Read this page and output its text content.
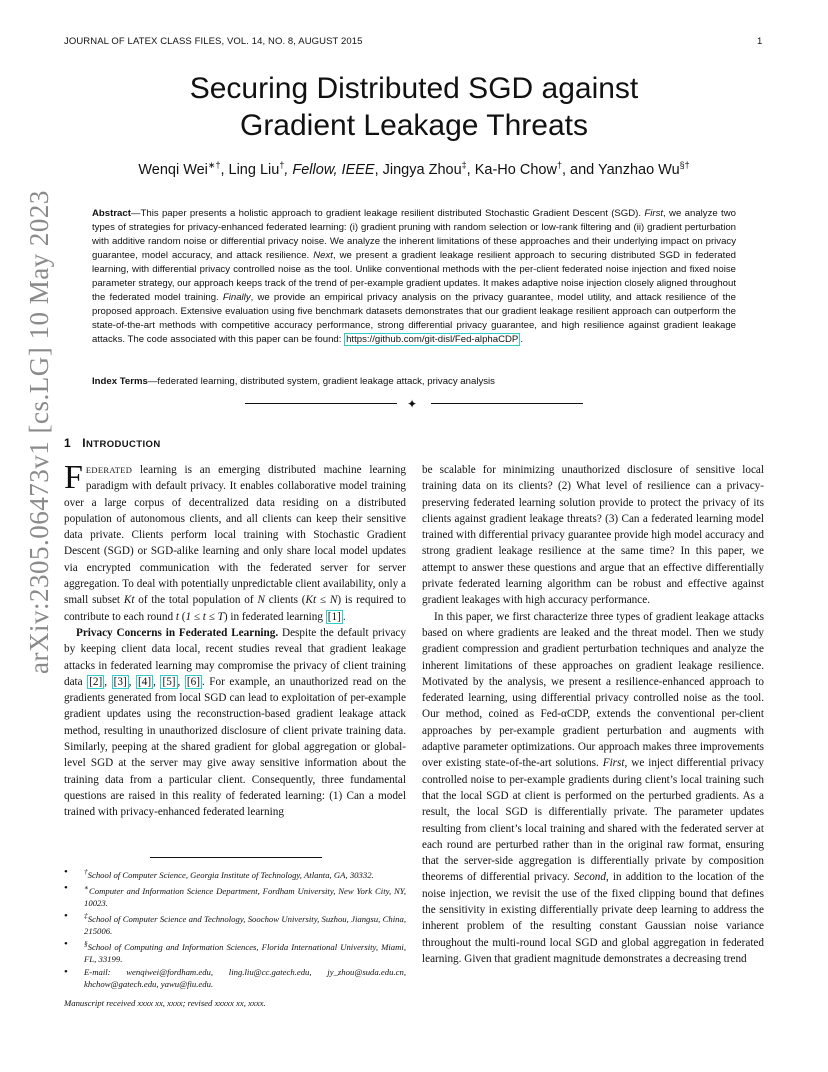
JOURNAL OF LATEX CLASS FILES, VOL. 14, NO. 8, AUGUST 2015	1
arXiv:2305.06473v1 [cs.LG] 10 May 2023
Securing Distributed SGD against
Gradient Leakage Threats
Wenqi Wei∗†, Ling Liu†, Fellow, IEEE, Jingya Zhou‡, Ka-Ho Chow†, and Yanzhao Wu§†
Abstract—This paper presents a holistic approach to gradient leakage resilient distributed Stochastic Gradient Descent (SGD). First, we analyze two types of strategies for privacy-enhanced federated learning: (i) gradient pruning with random selection or low-rank filtering and (ii) gradient perturbation with additive random noise or differential privacy noise. We analyze the inherent limitations of these approaches and their underlying impact on privacy guarantee, model accuracy, and attack resilience. Next, we present a gradient leakage resilient approach to securing distributed SGD in federated learning, with differential privacy controlled noise as the tool. Unlike conventional methods with the per-client federated noise injection and fixed noise parameter strategy, our approach keeps track of the trend of per-example gradient updates. It makes adaptive noise injection closely aligned throughout the federated model training. Finally, we provide an empirical privacy analysis on the privacy guarantee, model utility, and attack resilience of the proposed approach. Extensive evaluation using five benchmark datasets demonstrates that our gradient leakage resilient approach can outperform the state-of-the-art methods with competitive accuracy performance, strong differential privacy guarantee, and high resilience against gradient leakage attacks. The code associated with this paper can be found: https://github.com/git-disl/Fed-alphaCDP .
Index Terms—federated learning, distributed system, gradient leakage attack, privacy analysis
✦
1 INTRODUCTION

FEDERATED learning is an emerging distributed machine learning paradigm with default privacy. It enables collaborative model training over a large corpus of decentralized data residing on a distributed population of autonomous clients, and all clients can keep their sensitive data private. Clients perform local training with Stochastic Gradient Descent (SGD) or SGD-alike learning and only share local model updates via encrypted communication with the federated server for server aggregation. To deal with potentially unpredictable client availability, only a small subset Kt of the total population of N clients (Kt ≤ N) is required to contribute to each round t (1 ≤ t ≤ T) in federated learning [1] .

Privacy Concerns in Federated Learning. Despite the default privacy by keeping client data local, recent studies reveal that gradient leakage attacks in federated learning may compromise the privacy of client training data [2] , [3] , [4] , [5] , [6] . For example, an unauthorized read on the gradients generated from local SGD can lead to exploitation of per-example gradient updates using the reconstruction-based gradient leakage attack method, resulting in unauthorized disclosure of client private training data. Similarly, peeping at the shared gradient for global aggregation or global-level SGD at the server may give away sensitive information about the training data from a particular client. Consequently, three fundamental questions are raised in this reality of federated learning: (1) Can a model trained with privacy-enhanced federated learning

be scalable for minimizing unauthorized disclosure of sensitive local training data on its clients? (2) What level of resilience can a privacy-preserving federated learning solution provide to protect the privacy of its clients against gradient leakage threats? (3) Can a federated learning model trained with differential privacy guarantee provide high model accuracy and strong gradient leakage resilience at the same time? In this paper, we attempt to answer these questions and argue that an effective differentially private federated learning algorithm can be robust and effective against gradient leakages with high accuracy performance.

In this paper, we first characterize three types of gradient leakage attacks based on where gradients are leaked and the threat model. Then we study gradient compression and gradient perturbation techniques and analyze the inherent limitations of these approaches on gradient leakage resilience. Motivated by the analysis, we present a resilience-enhanced approach to federated learning, using differential privacy controlled noise as the tool. Our method, coined as Fed-αCDP, extends the conventional per-client approaches by per-example gradient perturbation and augments with adaptive parameter optimizations. Our approach makes three improvements over existing state-of-the-art solutions. First, we inject differential privacy controlled noise to per-example gradients during client’s local training such that the local SGD at client is performed on the perturbed gradients. As a result, the local SGD is differentially private. The parameter updates resulting from client’s local training and shared with the federated server at each round are perturbed rather than in the original raw format, ensuring that the server-side aggregation is differentially private by composition theorems of differential privacy. Second, in addition to the location of the noise injection, we revisit the use of the fixed clipping bound that defines the sensitivity in existing differentially private deep learning to address the inherent problem of the resulting constant Gaussian noise variance throughout the multi-round local SGD and global aggregation in federated learning. Given that gradient magnitude demonstrates a decreasing trend

• †School of Computer Science, Georgia Institute of Technology, Atlanta, GA, 30332.
• ∗Computer and Information Science Department, Fordham University, New York City, NY, 10023.
• ‡School of Computer Science and Technology, Soochow University, Suzhou, Jiangsu, China, 215006.
• §School of Computing and Information Sciences, Florida International University, Miami, FL, 33199.
• E-mail: wenqiwei@fordham.edu, ling.liu@cc.gatech.edu, jy_zhou@suda.edu.cn, khchow@gatech.edu, yawu@fiu.edu.
Manuscript received xxxx xx, xxxx; revised xxxxx xx, xxxx.
